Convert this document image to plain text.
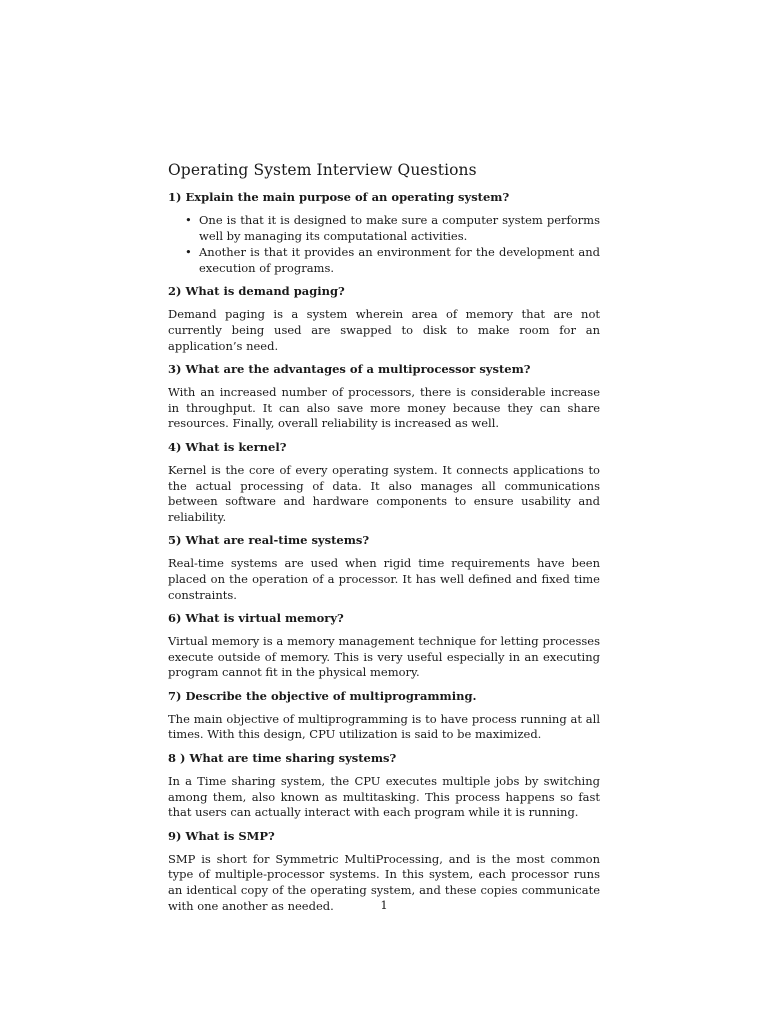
Operating System Interview Questions

1) Explain the main purpose of an operating system?

• One is that it is designed to make sure a computer system performs well by managing its computational activities.
• Another is that it provides an environment for the development and execution of programs.

2) What is demand paging?

Demand paging is a system wherein area of memory that are not currently being used are swapped to disk to make room for an application’s need.

3) What are the advantages of a multiprocessor system?

With an increased number of processors, there is considerable increase in throughput. It can also save more money because they can share resources. Finally, overall reliability is increased as well.

4) What is kernel?

Kernel is the core of every operating system. It connects applications to the actual processing of data. It also manages all communications between software and hardware components to ensure usability and reliability.

5) What are real-time systems?

Real-time systems are used when rigid time requirements have been placed on the operation of a processor. It has well defined and fixed time constraints.

6) What is virtual memory?

Virtual memory is a memory management technique for letting processes execute outside of memory. This is very useful especially in an executing program cannot fit in the physical memory.

7) Describe the objective of multiprogramming.

The main objective of multiprogramming is to have process running at all times. With this design, CPU utilization is said to be maximized.

8 ) What are time sharing systems?

In a Time sharing system, the CPU executes multiple jobs by switching among them, also known as multitasking. This process happens so fast that users can actually interact with each program while it is running.

9) What is SMP?

SMP is short for Symmetric MultiProcessing, and is the most common type of multiple-processor systems. In this system, each processor runs an identical copy of the operating system, and these copies communicate with one another as needed.	1
